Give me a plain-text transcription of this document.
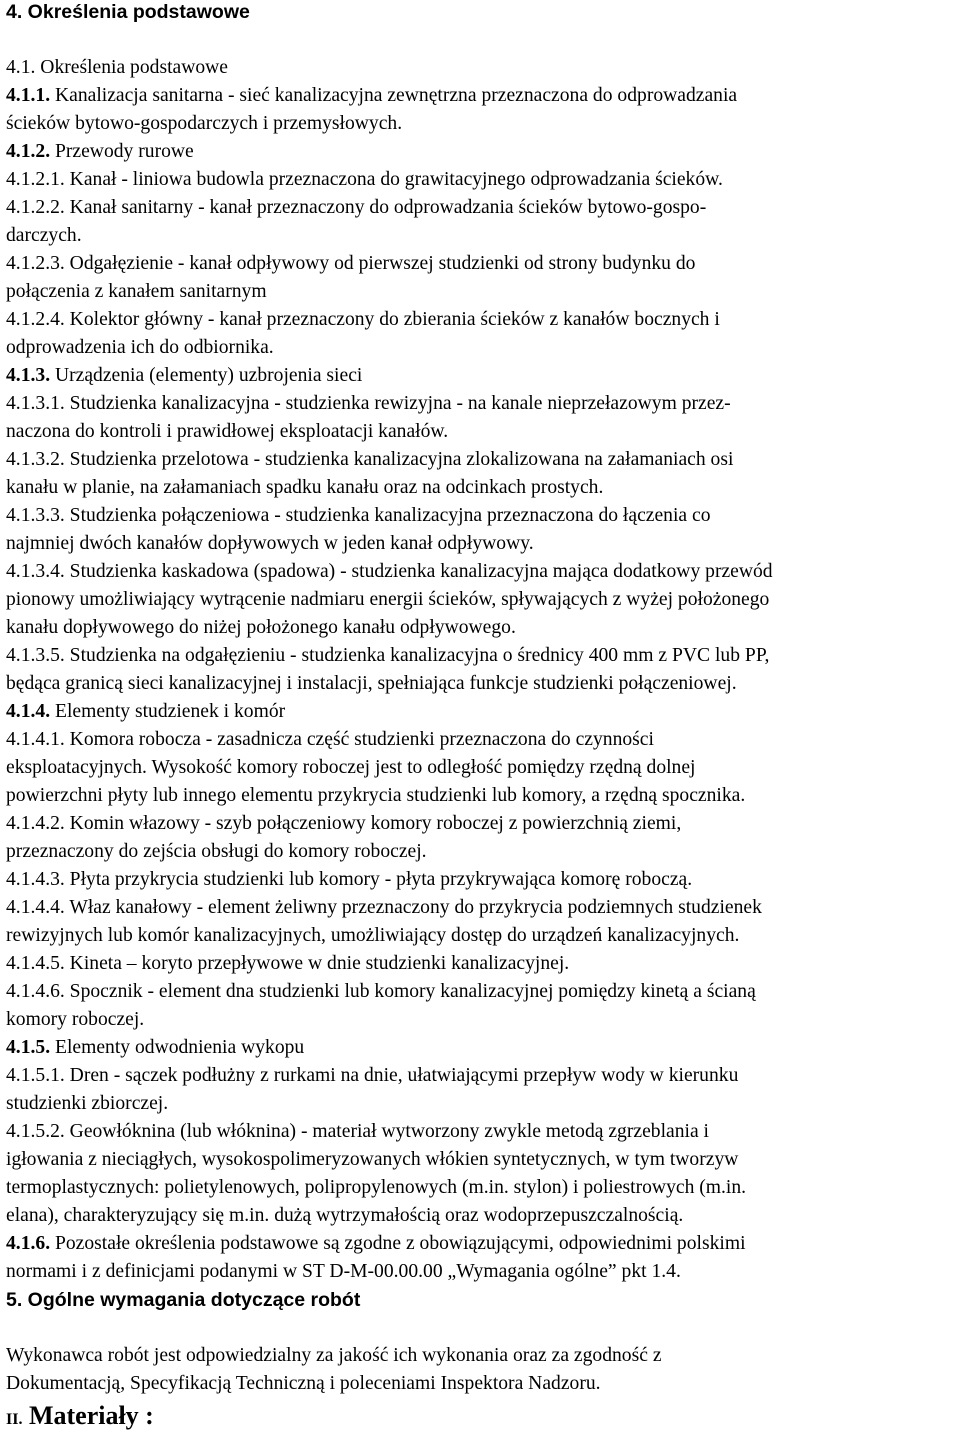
4. Określenia podstawowe
4.1. Określenia podstawowe
4.1.1. Kanalizacja sanitarna - sieć kanalizacyjna zewnętrzna przeznaczona do odprowadzania
ścieków bytowo-gospodarczych i przemysłowych.
4.1.2. Przewody rurowe
4.1.2.1. Kanał - liniowa budowla przeznaczona do grawitacyjnego odprowadzania ścieków.
4.1.2.2. Kanał sanitarny - kanał przeznaczony do odprowadzania ścieków bytowo-gospo-
darczych.
4.1.2.3. Odgałęzienie - kanał odpływowy od pierwszej studzienki od strony budynku do
połączenia z kanałem sanitarnym
4.1.2.4. Kolektor główny - kanał przeznaczony do zbierania ścieków z kanałów bocznych i
odprowadzenia ich do odbiornika.
4.1.3. Urządzenia (elementy) uzbrojenia sieci
4.1.3.1. Studzienka kanalizacyjna - studzienka rewizyjna - na kanale nieprzełazowym przez-
naczona do kontroli i prawidłowej eksploatacji kanałów.
4.1.3.2. Studzienka przelotowa - studzienka kanalizacyjna zlokalizowana na załamaniach osi
kanału w planie, na załamaniach spadku kanału oraz na odcinkach prostych.
4.1.3.3. Studzienka połączeniowa - studzienka kanalizacyjna przeznaczona do łączenia co
najmniej dwóch kanałów dopływowych w jeden kanał odpływowy.
4.1.3.4. Studzienka kaskadowa (spadowa) - studzienka kanalizacyjna mająca dodatkowy przewód
pionowy umożliwiający wytrącenie nadmiaru energii ścieków, spływających z wyżej położonego
kanału dopływowego do niżej położonego kanału odpływowego.
4.1.3.5. Studzienka na odgałęzieniu - studzienka kanalizacyjna o średnicy 400 mm z PVC lub PP,
będąca granicą sieci kanalizacyjnej i instalacji, spełniająca funkcje studzienki połączeniowej.
4.1.4. Elementy studzienek i komór
4.1.4.1. Komora robocza - zasadnicza część studzienki przeznaczona do czynności
eksploatacyjnych. Wysokość komory roboczej jest to odległość pomiędzy rzędną dolnej
powierzchni płyty lub innego elementu przykrycia studzienki lub komory, a rzędną spocznika.
4.1.4.2. Komin włazowy - szyb połączeniowy komory roboczej z powierzchnią ziemi,
przeznaczony do zejścia obsługi do komory roboczej.
4.1.4.3. Płyta przykrycia studzienki lub komory - płyta przykrywająca komorę roboczą.
4.1.4.4. Właz kanałowy - element żeliwny przeznaczony do przykrycia podziemnych studzienek
rewizyjnych lub komór kanalizacyjnych, umożliwiający dostęp do urządzeń kanalizacyjnych.
4.1.4.5. Kineta – koryto przepływowe w dnie studzienki kanalizacyjnej.
4.1.4.6. Spocznik - element dna studzienki lub komory kanalizacyjnej pomiędzy kinetą a ścianą
komory roboczej.
4.1.5. Elementy odwodnienia wykopu
4.1.5.1. Dren - sączek podłużny z rurkami na dnie, ułatwiającymi przepływ wody w kierunku
studzienki zbiorczej.
4.1.5.2. Geowłóknina (lub włóknina) - materiał wytworzony zwykle metodą zgrzeblania i
igłowania z nieciągłych, wysokospolimeryzowanych włókien syntetycznych, w tym tworzyw
termoplastycznych: polietylenowych, polipropylenowych (m.in. stylon) i poliestrowych (m.in.
elana), charakteryzujący się m.in. dużą wytrzymałością oraz wodoprzepuszczalnością.
4.1.6. Pozostałe określenia podstawowe są zgodne z obowiązującymi, odpowiednimi polskimi
normami i z definicjami podanymi w ST D-M-00.00.00 „Wymagania ogólne” pkt 1.4.
5. Ogólne wymagania dotyczące robót
Wykonawca robót jest odpowiedzialny za jakość ich wykonania oraz za zgodność z
Dokumentacją, Specyfikacją Techniczną i poleceniami Inspektora Nadzoru.
II. Materiały :
